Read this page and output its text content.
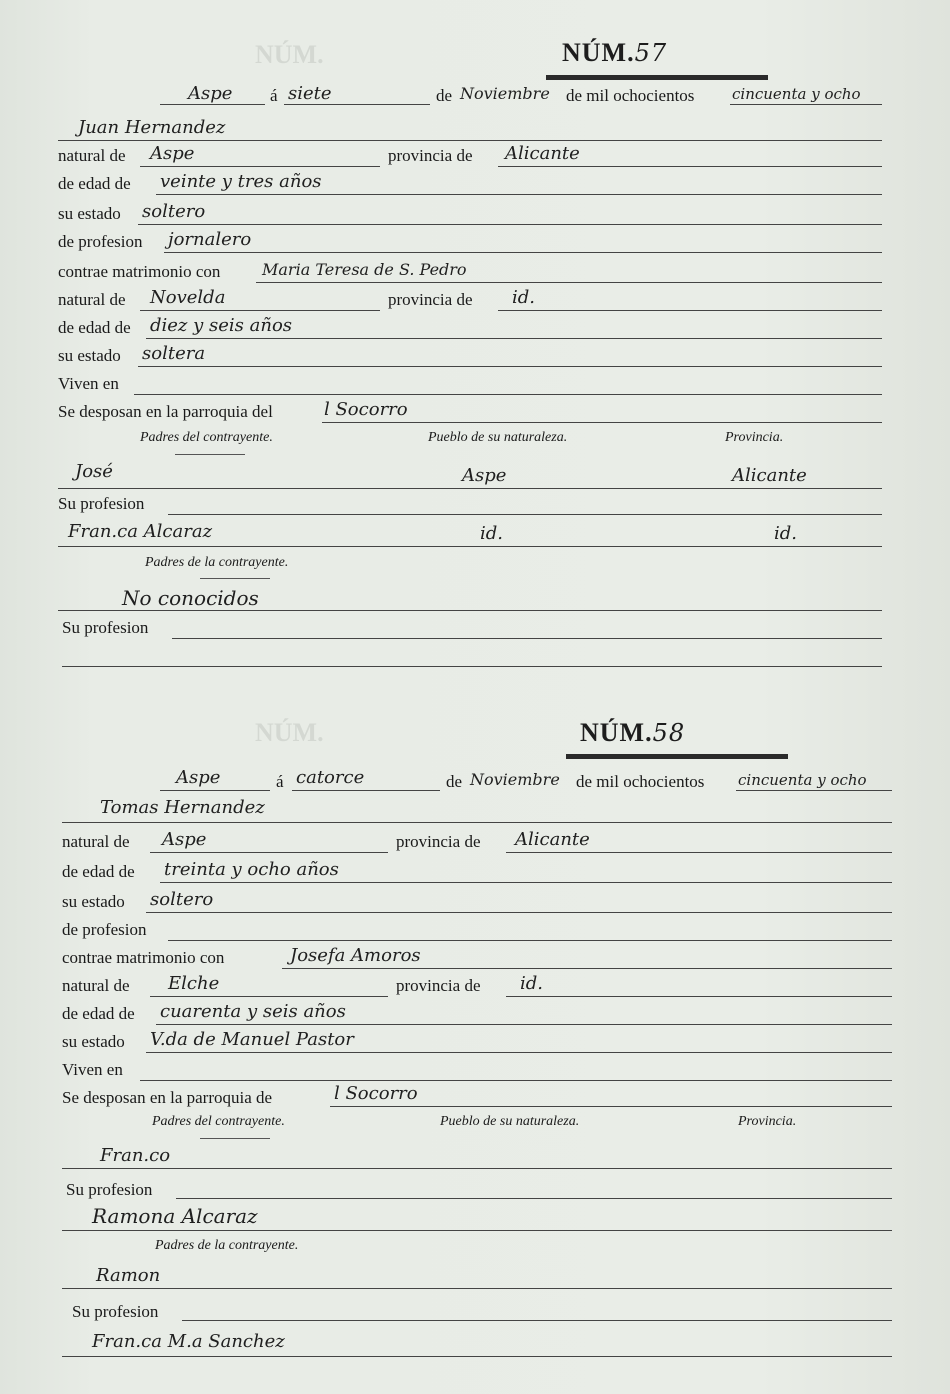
NÚM.
NÚM.
NÚM.57
Aspe á siete	de Noviembre de mil ochocientos	cincuenta y ocho
Juan Hernandez
natural de Aspe	provincia de Alicante
de edad de veinte y tres años
su estado soltero
de profesion jornalero
contrae matrimonio con	Maria Teresa de S. Pedro
natural de Novelda	provincia de id.
de edad de diez y seis años
su estado soltera
Viven en
Se desposan en la parroquia del	l Socorro
Padres del contrayente.	Pueblo de su naturaleza.	Provincia.
José	Aspe	Alicante
Su profesion
Fran.ca Alcaraz	id.	id.
Padres de la contrayente.
No conocidos
Su profesion
NÚM.58
Aspe	á catorce	de Noviembre de mil ochocientos cincuenta y ocho
Tomas Hernandez
natural de Aspe	provincia de Alicante
de edad de treinta y ocho años
su estado soltero
de profesion
contrae matrimonio con	Josefa Amoros
natural de Elche	provincia de id.
de edad de cuarenta y seis años
su estado V.da de Manuel Pastor
Viven en
Se desposan en la parroquia de	l Socorro
Padres del contrayente.	Pueblo de su naturaleza.	Provincia.
Fran.co
Su profesion
Ramona Alcaraz
Padres de la contrayente.
Ramon
Su profesion
Fran.ca M.a Sanchez
